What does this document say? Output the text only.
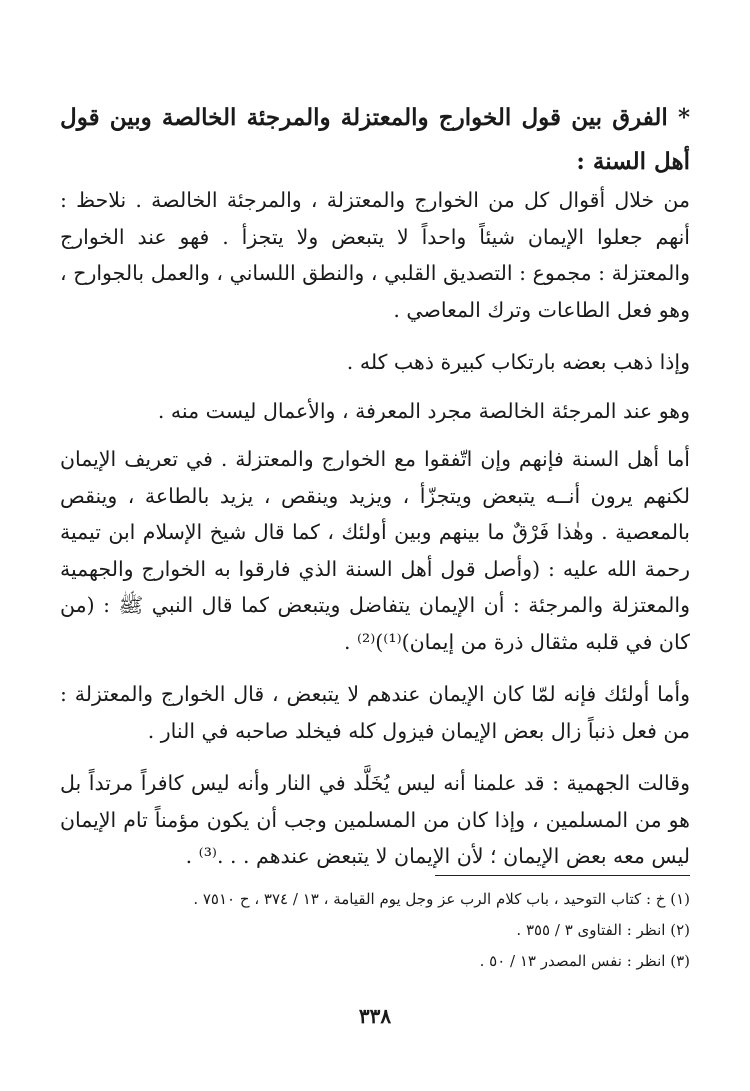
* الفرق بين قول الخوارج والمعتزلة والمرجئة الخالصة وبين قول أهل السنة :

من خلال أقوال كل من الخوارج والمعتزلة ، والمرجئة الخالصة . نلاحظ : أنهم جعلوا الإيمان شيئاً واحداً لا يتبعض ولا يتجزأ . فهو عند الخوارج والمعتزلة : مجموع : التصديق القلبي ، والنطق اللساني ، والعمل بالجوارح ، وهو فعل الطاعات وترك المعاصي .

وإذا ذهب بعضه بارتكاب كبيرة ذهب كله .

وهو عند المرجئة الخالصة مجرد المعرفة ، والأعمال ليست منه .

أما أهل السنة فإنهم وإن اتّفقوا مع الخوارج والمعتزلة . في تعريف الإيمان لكنهم يرون أنــه يتبعض ويتجزّأ ، ويزيد وينقص ، يزيد بالطاعة ، وينقص بالمعصية . وهٰذا فَرْقٌ ما بينهم وبين أولئك ، كما قال شيخ الإسلام ابن تيمية رحمة الله عليه : (وأصل قول أهل السنة الذي فارقوا به الخوارج والجهمية والمعتزلة والمرجئة : أن الإيمان يتفاضل ويتبعض كما قال النبي ﷺ : (من كان في قلبه مثقال ذرة من إيمان)⁽¹⁾)⁽²⁾ .

وأما أولئك فإنه لمّا كان الإيمان عندهم لا يتبعض ، قال الخوارج والمعتزلة : من فعل ذنباً زال بعض الإيمان فيزول كله فيخلد صاحبه في النار .

وقالت الجهمية : قد علمنا أنه ليس يُخَلَّد في النار وأنه ليس كافراً مرتداً بل هو من المسلمين ، وإذا كان من المسلمين وجب أن يكون مؤمناً تام الإيمان ليس معه بعض الإيمان ؛ لأن الإيمان لا يتبعض عندهم . . .⁽³⁾ .

(١) خ : كتاب التوحيد ، باب كلام الرب عز وجل يوم القيامة ، ١٣ / ٣٧٤ ، ح ٧٥١٠ .
(٢) انظر : الفتاوى ٣ / ٣٥٥ .
(٣) انظر : نفس المصدر ١٣ / ٥٠ .
٣٣٨
